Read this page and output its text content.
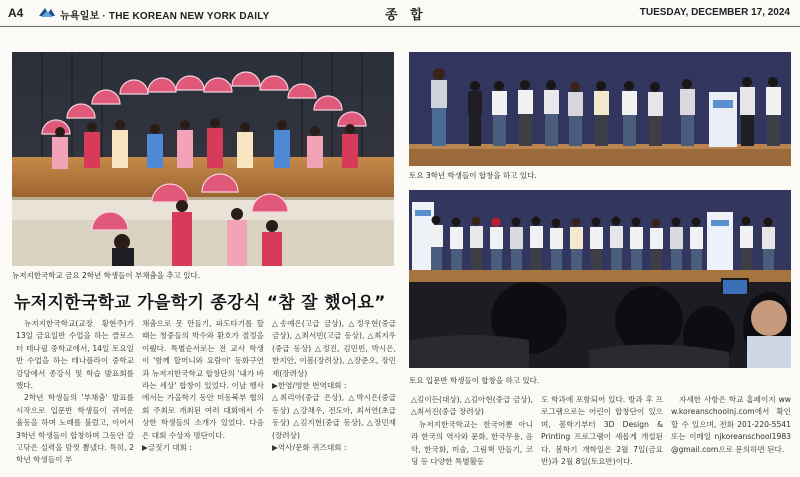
A4	뉴욕일보 · THE KOREAN NEW YORK DAILY	종 합	TUESDAY, DECEMBER 17, 2024
뉴저지한국학교 금요 2학년 학생들이 부채춤을 추고 있다.
토요 3학년 학생들이 합창을 하고 있다.
토요 입문반 학생들이 합창을 하고 있다.
뉴저지한국학교 가을학기 종강식 “참 잘 했어요”

뉴저지한국학교(교장 황현주)가 13일 금요일반 수업을 하는 클로스터 테나필 중학교에서, 14일 토요일반 수업을 하는 테나플라이 중학교 강당에서 종강식 및 학습 발표회를 했다.

2학년 학생들의 '부채춤' 발표를 시작으로 입문반 학생들이 귀여운 율동을 하며 노래를 불렀고, 이어서 3학년 학생들이 합창하며 그동안 갈고닦은 실력을 맘껏 뽐냈다. 특히, 2학년 학생들이 부

채춤으로 못 만들기, 파도타기를 할 때는 청중들의 박수와 환호가 절정을 이뤘다. 특별순서로는 전 교사 학생이 '함께 할머니와 요람이' 동화구연과 뉴저지한국학교 합창단의 '내가 바라는 세상' 합창이 있었다. 이날 행사에서는 가을학기 동안 미동북부 협의회 주최로 개최된 여러 대회에서 수상한 학생들의 소개가 있었다. 다음은 대회 수상자 명단이다.

▶글짓기 대회 :

△송예은(고급 금상), △정우현(중급 금상), △최서빈(고급 동상), △최지우(중급 동상) △정진, 김민빈, 박시은, 한지안, 이봄(장려상), △장준오, 장민재(장려상)

▶한영/영한 번역대회 :

△최리아(중급 은상), △박시은(중급 동상) △강채우, 전도아, 최서연(초급 동상) △김지현(중급 동상), △장민재(장려상)

▶역사/문화 퀴즈대회 :

△김이든(대상), △김아현(중급 금상), △최서진(중급 장려상)

뉴저지한국학교는 한국어뿐 아니라 한국의 역사와 문화, 한국무용, 음악, 한국화, 미술, 그림책 만들기, 코딩 등 다양한 특별활동

도 학과에 포함되어 있다. 방과 후 프로그램으로는 어린이 합창단이 있으며, 봄학기부터 3D Design & Printing 프로그램이 새롭게 개설된다. 봄학기 개학일은 2월 7일(금요반)과 2월 8일(토요반)이다.

자세한 사항은 학교 홈페이지 www.koreanschoolnj.com에서 확인할 수 있으며, 전화 201-220-5541 또는 이메일 njkoreanschool1983@gmail.com으로 문의하면 된다.
